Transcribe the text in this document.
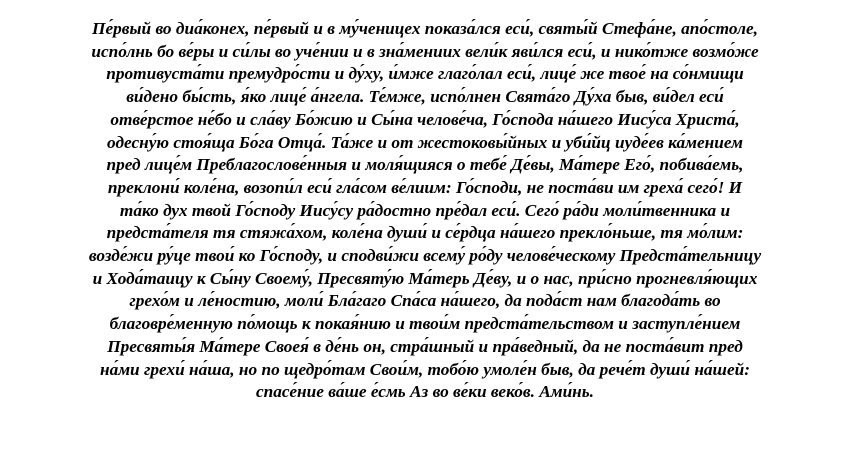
Пе́рвый во диа́конех, пе́рвый и в му́ченицех показа́лся еси́, святы́й Стефа́не, апо́столе,
испо́лнь бо ве́ры и си́лы во уче́нии и в зна́мениих вели́к яви́лся еси́, и нико́тже возмо́же
противуста́ти премудро́сти и ду́ху, и́мже глаго́лал еси́, лице́ же твое́ на со́нмищи
ви́дено бы́сть, я́ко лице́ а́нгела. Те́мже, испо́лнен Свята́го Ду́ха быв, ви́дел еси́
отве́рстое не́бо и сла́ву Бо́жию и Сы́на челове́ча, Го́спода на́шего Иису́са Христа́,
одесну́ю стоя́ща Бо́га Отца́. Та́же и от жестоковы́йных и уби́йц иуде́ев ка́мением
пред лице́м Преблагослове́нныя и моля́щияся о тебе́ Де́вы, Ма́тере Его́, побива́емь,
преклони́ коле́на, возопи́л еси́ гла́сом ве́лиим: Го́споди, не поста́ви им греха́ сего́! И
та́ко дух твой Го́споду Иису́су ра́достно пре́дал еси́. Сего́ ра́ди моли́твенника и
предста́теля тя стяжа́хом, коле́на души́ и се́рдца на́шего прекло́ньше, тя мо́лим:
возде́жи ру́це твои́ ко Го́споду, и сподви́жи всему́ ро́ду челове́ческому Предста́тельницу
и Хода́таицу к Сы́ну Своему́, Пресвяту́ю Ма́терь Де́ву, и о нас, при́сно прогневля́ющих
грехо́м и ле́ностию, моли́ Бла́гаго Спа́са на́шего, да пода́ст нам благода́ть во
благовре́менную по́мощь к покая́нию и твои́м предста́тельством и заступле́нием
Пресвяты́я Ма́тере Своея́ в де́нь он, стра́шный и пра́ведный, да не поста́вит пред
на́ми грехи́ на́ша, но по щедро́там Свои́м, тобо́ю умоле́н быв, да рече́т души́ на́шей:
спасе́ние ва́ше е́смь Аз во ве́ки веко́в. Ами́нь.
